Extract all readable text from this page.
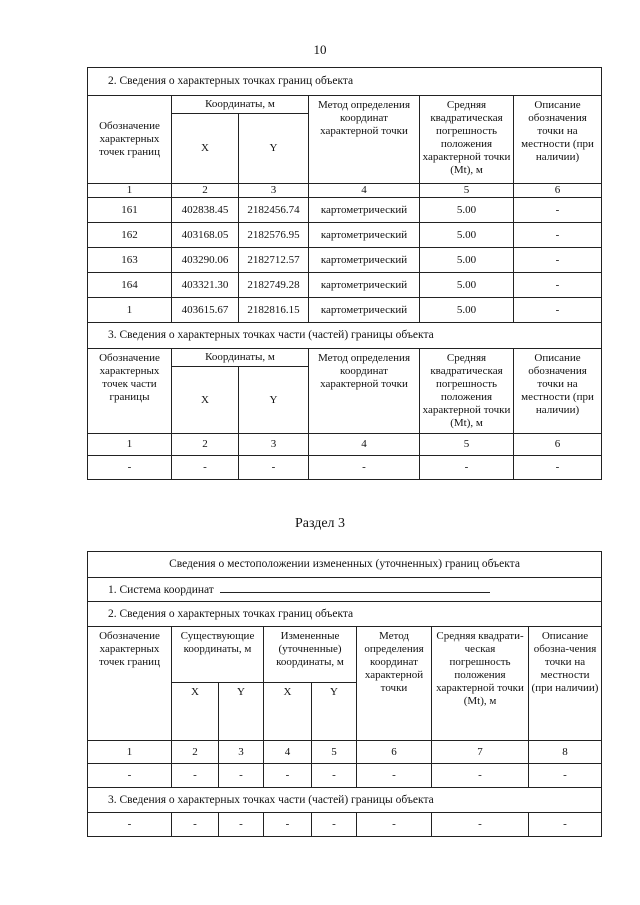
10
2. Сведения о характерных точках границ объекта					
Обозначение характерных точек границ	Координаты, м		Метод определения координат характерной точки	Средняя квадратическая погрешность положения характерной точки (Mt), м	Описание обозначения точки на местности (при наличии)
	X	Y			
1	2	3	4	5	6
161	402838.45	2182456.74	картометрический	5.00	-
162	403168.05	2182576.95	картометрический	5.00	-
163	403290.06	2182712.57	картометрический	5.00	-
164	403321.30	2182749.28	картометрический	5.00	-
1	403615.67	2182816.15	картометрический	5.00	-
3. Сведения о характерных точках части (частей) границы объекта					
Обозначение характерных точек части границы	Координаты, м		Метод определения координат характерной точки	Средняя квадратическая погрешность положения характерной точки (Mt), м	Описание обозначения точки на местности (при наличии)
	X	Y			
1	2	3	4	5	6
-	-	-	-	-	-
Раздел 3
Сведения о местоположении измененных (уточненных) границ объекта							
1. Система координат							
2. Сведения о характерных точках границ объекта							
Обозначение характерных точек границ	Существующие координаты, м		Измененные (уточненные) координаты, м		Метод определения координат характерной точки	Средняя квадрати-ческая погрешность положения характерной точки (Mt), м	Описание обозна-чения точки на местности (при наличии)
	X	Y	X	Y			
1	2	3	4	5	6	7	8
-	-	-	-	-	-	-	-
3. Сведения о характерных точках части (частей) границы объекта							
-	-	-	-	-	-	-	-
